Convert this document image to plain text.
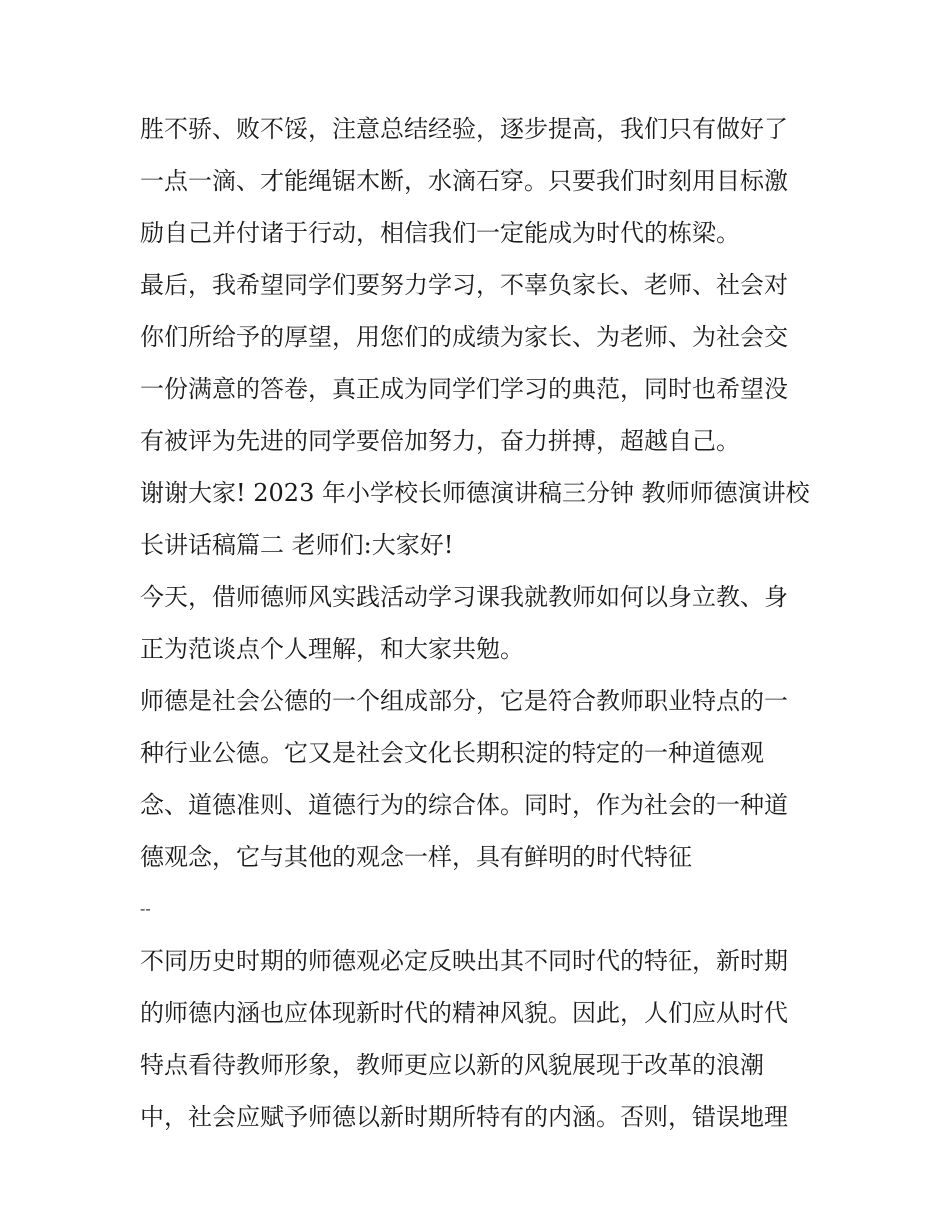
胜不骄、败不馁，注意总结经验，逐步提高，我们只有做好了
一点一滴、才能绳锯木断，水滴石穿。只要我们时刻用目标激
励自己并付诸于行动，相信我们一定能成为时代的栋梁。
最后，我希望同学们要努力学习，不辜负家长、老师、社会对
你们所给予的厚望，用您们的成绩为家长、为老师、为社会交
一份满意的答卷，真正成为同学们学习的典范，同时也希望没
有被评为先进的同学要倍加努力，奋力拼搏，超越自己。
谢谢大家! 2023 年小学校长师德演讲稿三分钟 教师师德演讲校
长讲话稿篇二 老师们:大家好!
今天，借师德师风实践活动学习课我就教师如何以身立教、身
正为范谈点个人理解，和大家共勉。
师德是社会公德的一个组成部分，它是符合教师职业特点的一
种行业公德。它又是社会文化长期积淀的特定的一种道德观
念、道德准则、道德行为的综合体。同时，作为社会的一种道
德观念，它与其他的观念一样，具有鲜明的时代特征
--
不同历史时期的师德观必定反映出其不同时代的特征，新时期
的师德内涵也应体现新时代的精神风貌。因此，人们应从时代
特点看待教师形象，教师更应以新的风貌展现于改革的浪潮
中，社会应赋予师德以新时期所特有的内涵。否则，错误地理
